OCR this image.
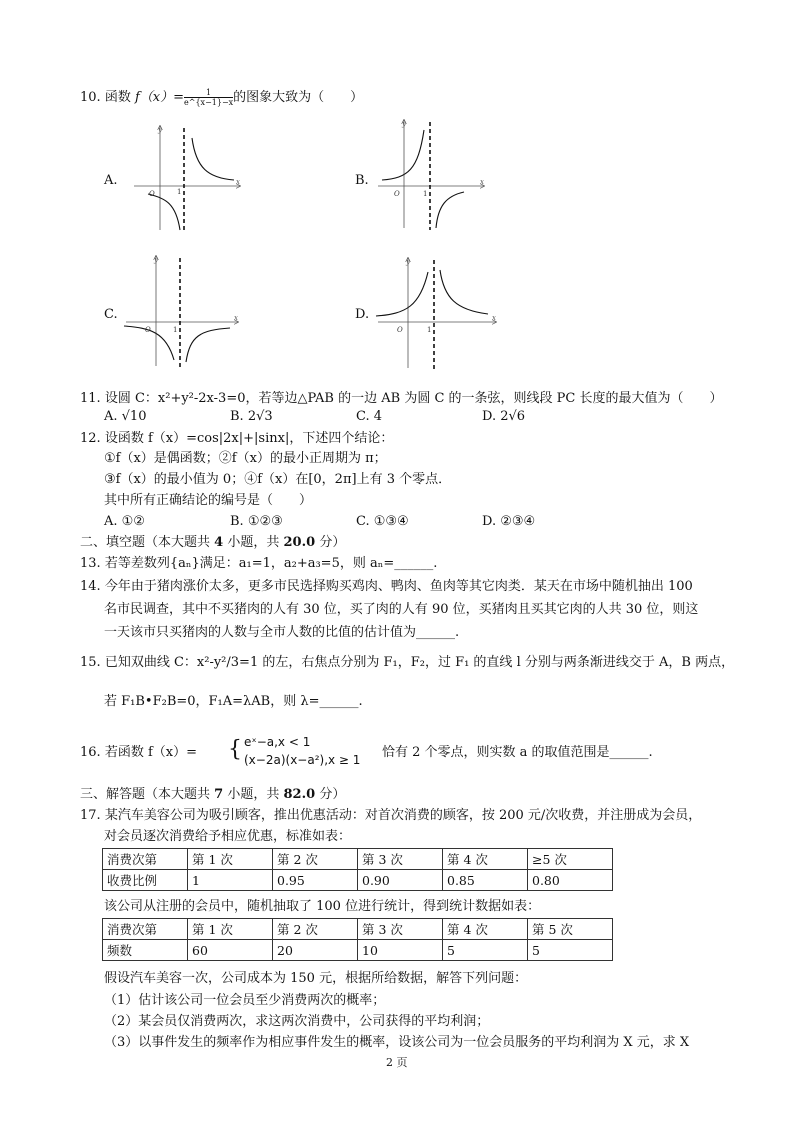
10. 函数 $f(x)= \frac{1}{e\^{}\{x-1\}-x}$ 的图象大致为（　　）
A.
y
x
O	1
B.
y
x
O	1
C.
y
x
O	1
D.
y
x
O	1
11. 设圆 C：x²+y²-2x-3=0，若等边△PAB 的一边 AB 为圆 C 的一条弦，则线段 PC 长度的最大值为（　　）
A. √10	B. 2√3	C. 4	D. 2√6
12. 设函数 f（x）=cos|2x|+|sinx|，下述四个结论：
①f（x）是偶函数；②f（x）的最小正周期为 π；
③f（x）的最小值为 0；④f（x）在[0，2π]上有 3 个零点．
其中所有正确结论的编号是（　　）
A. ①②	B. ①②③	C. ①③④	D. ②③④
二、填空题（本大题共 4 小题，共 20.0 分）
13. 若等差数列{aₙ}满足：a₁=1，a₂+a₃=5，则 aₙ=______.
14. 今年由于猪肉涨价太多，更多市民选择购买鸡肉、鸭肉、鱼肉等其它肉类．某天在市场中随机抽出 100
名市民调查，其中不买猪肉的人有 30 位，买了肉的人有 90 位，买猪肉且买其它肉的人共 30 位，则这
一天该市只买猪肉的人数与全市人数的比值的估计值为______.
15. 已知双曲线 C：x²-y²/3=1 的左，右焦点分别为 F₁，F₂，过 F₁ 的直线 l 分别与两条渐进线交于 A，B 两点，
若 F₁B•F₂B=0，F₁A=λAB，则 λ=______.
16. 若函数 f（x）= { eˣ−a,x < 1
(x−2a)(x−a²),x ≥ 1 恰有 2 个零点，则实数 a 的取值范围是______.
三、解答题（本大题共 7 小题，共 82.0 分）
17. 某汽车美容公司为吸引顾客，推出优惠活动：对首次消费的顾客，按 200 元/次收费，并注册成为会员，
对会员逐次消费给予相应优惠，标准如表：
消费次第	第 1 次	第 2 次	第 3 次	第 4 次	≥5 次
收费比例	1	0.95	0.90	0.85	0.80
该公司从注册的会员中，随机抽取了 100 位进行统计，得到统计数据如表：
消费次第	第 1 次	第 2 次	第 3 次	第 4 次	第 5 次
频数	60	20	10	5	5
假设汽车美容一次，公司成本为 150 元，根据所给数据，解答下列问题：
（1）估计该公司一位会员至少消费两次的概率；
（2）某会员仅消费两次，求这两次消费中，公司获得的平均利润；
（3）以事件发生的频率作为相应事件发生的概率，设该公司为一位会员服务的平均利润为 X 元，求 X
2 页
